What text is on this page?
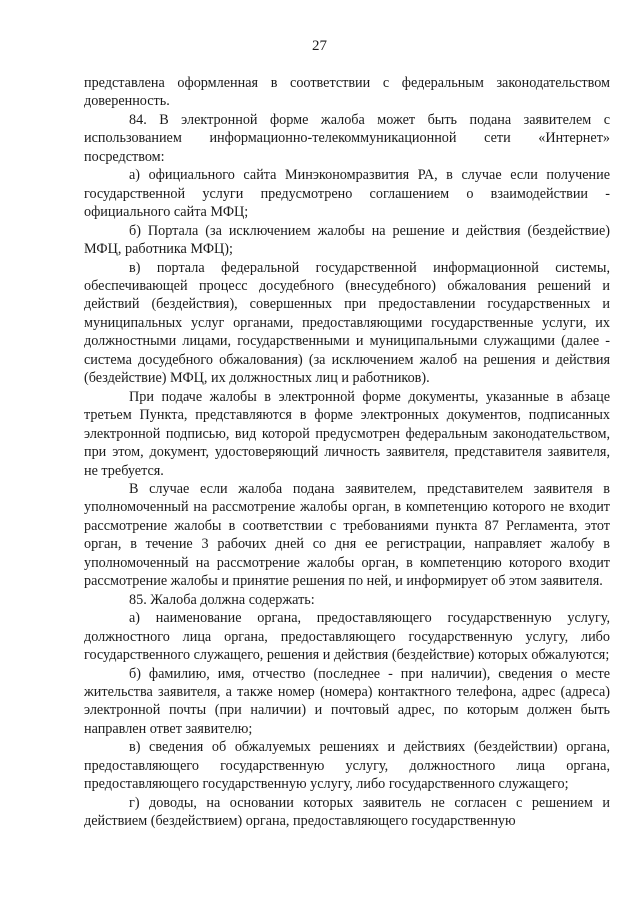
27

представлена оформленная в соответствии с федеральным законодательством доверенность.

84. В электронной форме жалоба может быть подана заявителем с использованием информационно-телекоммуникационной сети «Интернет» посредством:

а) официального сайта Минэкономразвития РА, в случае если получение государственной услуги предусмотрено соглашением о взаимодействии - официального сайта МФЦ;

б) Портала (за исключением жалобы на решение и действия (бездействие) МФЦ, работника МФЦ);

в) портала федеральной государственной информационной системы, обеспечивающей процесс досудебного (внесудебного) обжалования решений и действий (бездействия), совершенных при предоставлении государственных и муниципальных услуг органами, предоставляющими государственные услуги, их должностными лицами, государственными и муниципальными служащими (далее - система досудебного обжалования) (за исключением жалоб на решения и действия (бездействие) МФЦ, их должностных лиц и работников).

При подаче жалобы в электронной форме документы, указанные в абзаце третьем Пункта, представляются в форме электронных документов, подписанных электронной подписью, вид которой предусмотрен федеральным законодательством, при этом, документ, удостоверяющий личность заявителя, представителя заявителя, не требуется.

В случае если жалоба подана заявителем, представителем заявителя в уполномоченный на рассмотрение жалобы орган, в компетенцию которого не входит рассмотрение жалобы в соответствии с требованиями пункта 87 Регламента, этот орган, в течение 3 рабочих дней со дня ее регистрации, направляет жалобу в уполномоченный на рассмотрение жалобы орган, в компетенцию которого входит рассмотрение жалобы и принятие решения по ней, и информирует об этом заявителя.

85. Жалоба должна содержать:

а) наименование органа, предоставляющего государственную услугу, должностного лица органа, предоставляющего государственную услугу, либо государственного служащего, решения и действия (бездействие) которых обжалуются;

б) фамилию, имя, отчество (последнее - при наличии), сведения о месте жительства заявителя, а также номер (номера) контактного телефона, адрес (адреса) электронной почты (при наличии) и почтовый адрес, по которым должен быть направлен ответ заявителю;

в) сведения об обжалуемых решениях и действиях (бездействии) органа, предоставляющего государственную услугу, должностного лица органа, предоставляющего государственную услугу, либо государственного служащего;

г) доводы, на основании которых заявитель не согласен с решением и действием (бездействием) органа, предоставляющего государственную
